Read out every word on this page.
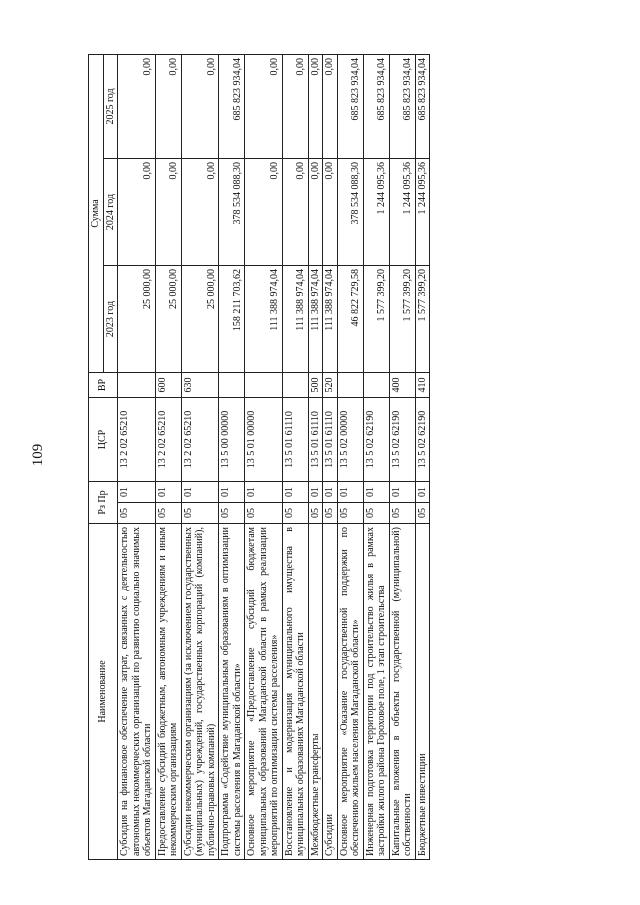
109
Наименование	Рз Пр		ЦСР	ВР	Сумма		
					2023 год	2024 год	2025 год
Субсидия на финансовое обеспечение затрат, связанных с деятельностью автономных некоммерческих организаций по развитию социально значимых объектов Магаданской области	05	01	13 2 02 65210		25 000,00	0,00	0,00
Предоставление субсидий бюджетным, автономным учреждениям и иным некоммерческим организациям	05	01	13 2 02 65210	600	25 000,00	0,00	0,00
Субсидии некоммерческим организациям (за исключением государственных (муниципальных) учреждений, государственных корпораций (компаний), публично-правовых компаний)	05	01	13 2 02 65210	630	25 000,00	0,00	0,00
Подпрограмма «Содействие муниципальным образованиям в оптимизации системы расселения в Магаданской области»	05	01	13 5 00 00000		158 211 703,62	378 534 088,30	685 823 934,04
Основное мероприятие «Предоставление субсидий бюджетам муниципальных образований Магаданской области в рамках реализации мероприятий по оптимизации системы расселения»	05	01	13 5 01 00000		111 388 974,04	0,00	0,00
Восстановление и модернизация муниципального имущества в муниципальных образованиях Магаданской области	05	01	13 5 01 61110		111 388 974,04	0,00	0,00
Межбюджетные трансферты	05	01	13 5 01 61110	500	111 388 974,04	0,00	0,00
Субсидии	05	01	13 5 01 61110	520	111 388 974,04	0,00	0,00
Основное мероприятие «Оказание государственной поддержки по обеспечению жильем населения Магаданской области»	05	01	13 5 02 00000		46 822 729,58	378 534 088,30	685 823 934,04
Инженерная подготовка территории под строительство жилья в рамках застройки жилого района Гороховое поле, 1 этап строительства	05	01	13 5 02 62190		1 577 399,20	1 244 095,36	685 823 934,04
Капитальные вложения в объекты государственной (муниципальной) собственности	05	01	13 5 02 62190	400	1 577 399,20	1 244 095,36	685 823 934,04
Бюджетные инвестиции	05	01	13 5 02 62190	410	1 577 399,20	1 244 095,36	685 823 934,04
